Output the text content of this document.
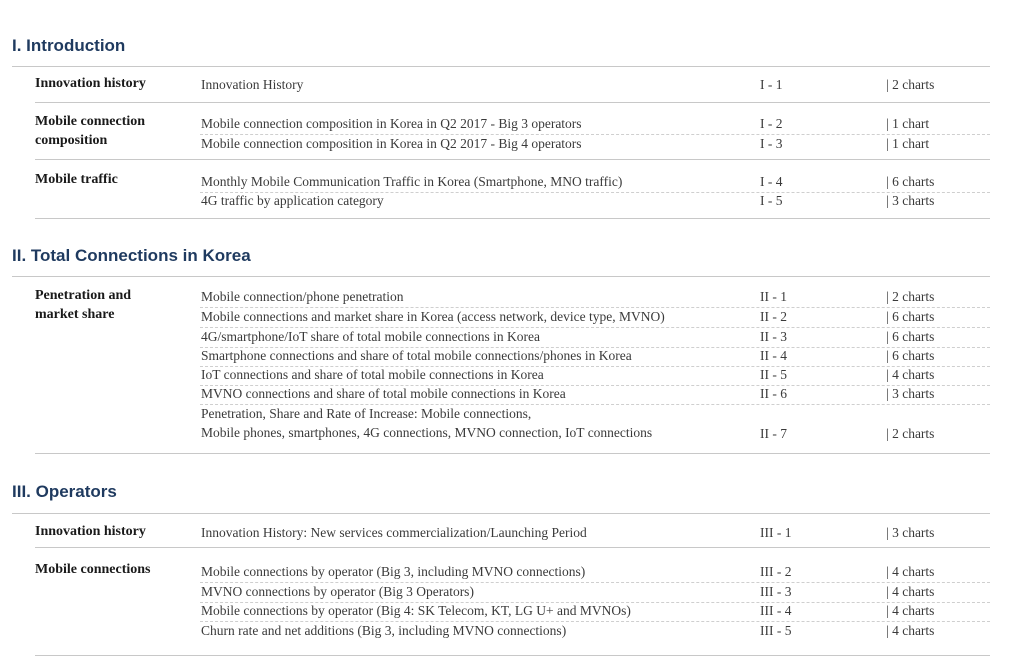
I. Introduction
Innovation history	Innovation History	I - 1	| 2 charts
Mobile connection
composition
Mobile connection composition in Korea in Q2 2017 - Big 3 operators	I - 2	| 1 chart
Mobile connection composition in Korea in Q2 2017 - Big 4 operators	I - 3	| 1 chart
Mobile traffic	Monthly Mobile Communication Traffic in Korea (Smartphone, MNO traffic)	I - 4	| 6 charts
4G traffic by application category	I - 5	| 3 charts
II. Total Connections in Korea
Penetration and
market share
Mobile connection/phone penetration	II - 1	| 2 charts
Mobile connections and market share in Korea (access network, device type, MVNO)	II - 2	| 6 charts
4G/smartphone/IoT share of total mobile connections in Korea	II - 3	| 6 charts
Smartphone connections and share of total mobile connections/phones in Korea	II - 4	| 6 charts
IoT connections and share of total mobile connections in Korea	II - 5	| 4 charts
MVNO connections and share of total mobile connections in Korea	II - 6	| 3 charts
Penetration, Share and Rate of Increase: Mobile connections,
Mobile phones, smartphones, 4G connections, MVNO connection, IoT connections	II - 7	| 2 charts
III. Operators
Innovation history	Innovation History: New services commercialization/Launching Period	III - 1	| 3 charts
Mobile connections	Mobile connections by operator (Big 3, including MVNO connections)	III - 2	| 4 charts
MVNO connections by operator (Big 3 Operators)	III - 3	| 4 charts
Mobile connections by operator (Big 4: SK Telecom, KT, LG U+ and MVNOs)	III - 4	| 4 charts
Churn rate and net additions (Big 3, including MVNO connections)	III - 5	| 4 charts
